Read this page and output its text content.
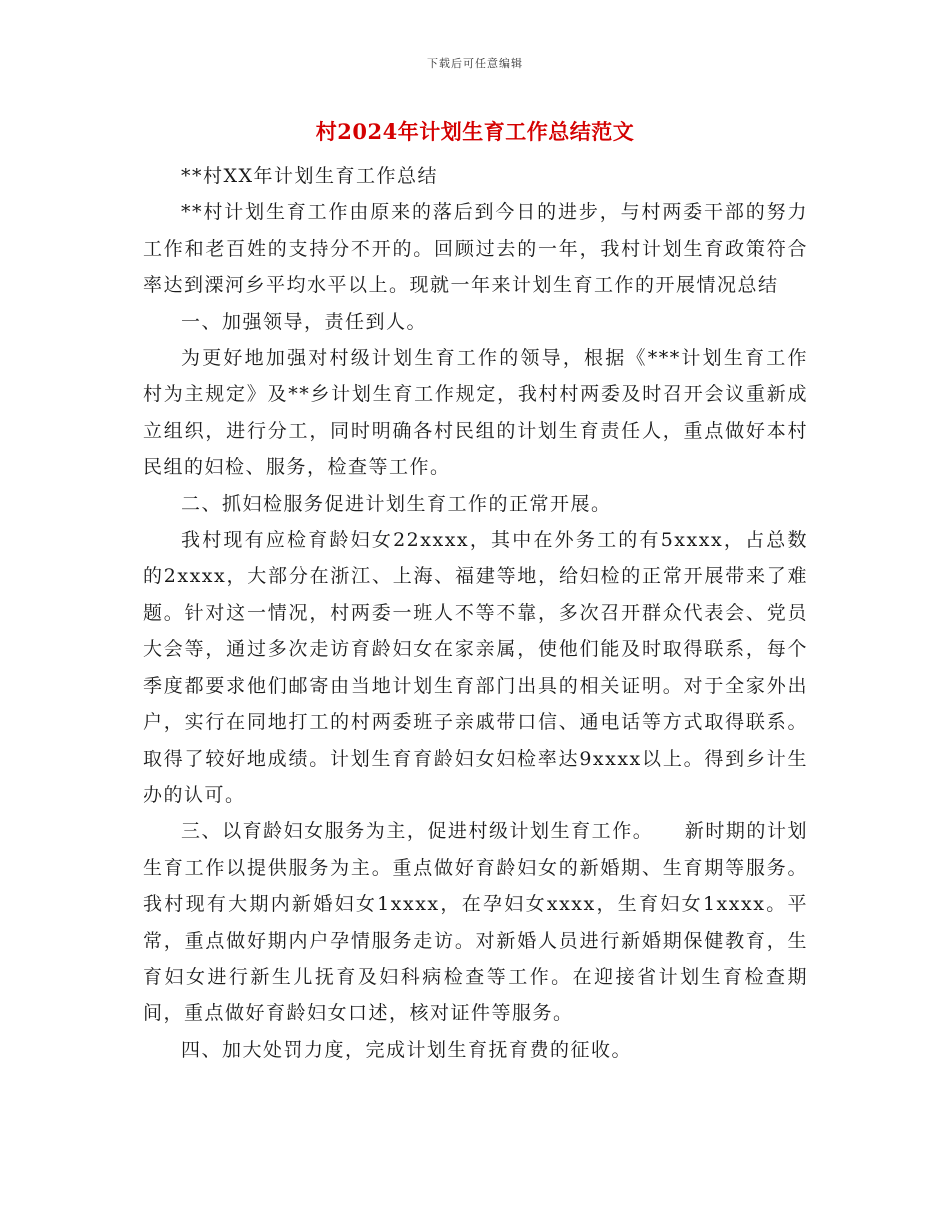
下载后可任意编辑
村2024年计划生育工作总结范文

**村XX年计划生育工作总结

**村计划生育工作由原来的落后到今日的进步，与村两委干部的努力工作和老百姓的支持分不开的。回顾过去的一年，我村计划生育政策符合率达到溧河乡平均水平以上。现就一年来计划生育工作的开展情况总结

一、加强领导，责任到人。

为更好地加强对村级计划生育工作的领导，根据《***计划生育工作村为主规定》及**乡计划生育工作规定，我村村两委及时召开会议重新成立组织，进行分工，同时明确各村民组的计划生育责任人，重点做好本村民组的妇检、服务，检查等工作。

二、抓妇检服务促进计划生育工作的正常开展。

我村现有应检育龄妇女22xxxx，其中在外务工的有5xxxx，占总数的2xxxx，大部分在浙江、上海、福建等地，给妇检的正常开展带来了难题。针对这一情况，村两委一班人不等不靠，多次召开群众代表会、党员大会等，通过多次走访育龄妇女在家亲属，使他们能及时取得联系，每个季度都要求他们邮寄由当地计划生育部门出具的相关证明。对于全家外出户，实行在同地打工的村两委班子亲戚带口信、通电话等方式取得联系。取得了较好地成绩。计划生育育龄妇女妇检率达9xxxx以上。得到乡计生办的认可。

三、以育龄妇女服务为主，促进村级计划生育工作。　　新时期的计划生育工作以提供服务为主。重点做好育龄妇女的新婚期、生育期等服务。我村现有大期内新婚妇女1xxxx，在孕妇女xxxx，生育妇女1xxxx。平常，重点做好期内户孕情服务走访。对新婚人员进行新婚期保健教育，生育妇女进行新生儿抚育及妇科病检查等工作。在迎接省计划生育检查期间，重点做好育龄妇女口述，核对证件等服务。

四、加大处罚力度，完成计划生育抚育费的征收。
